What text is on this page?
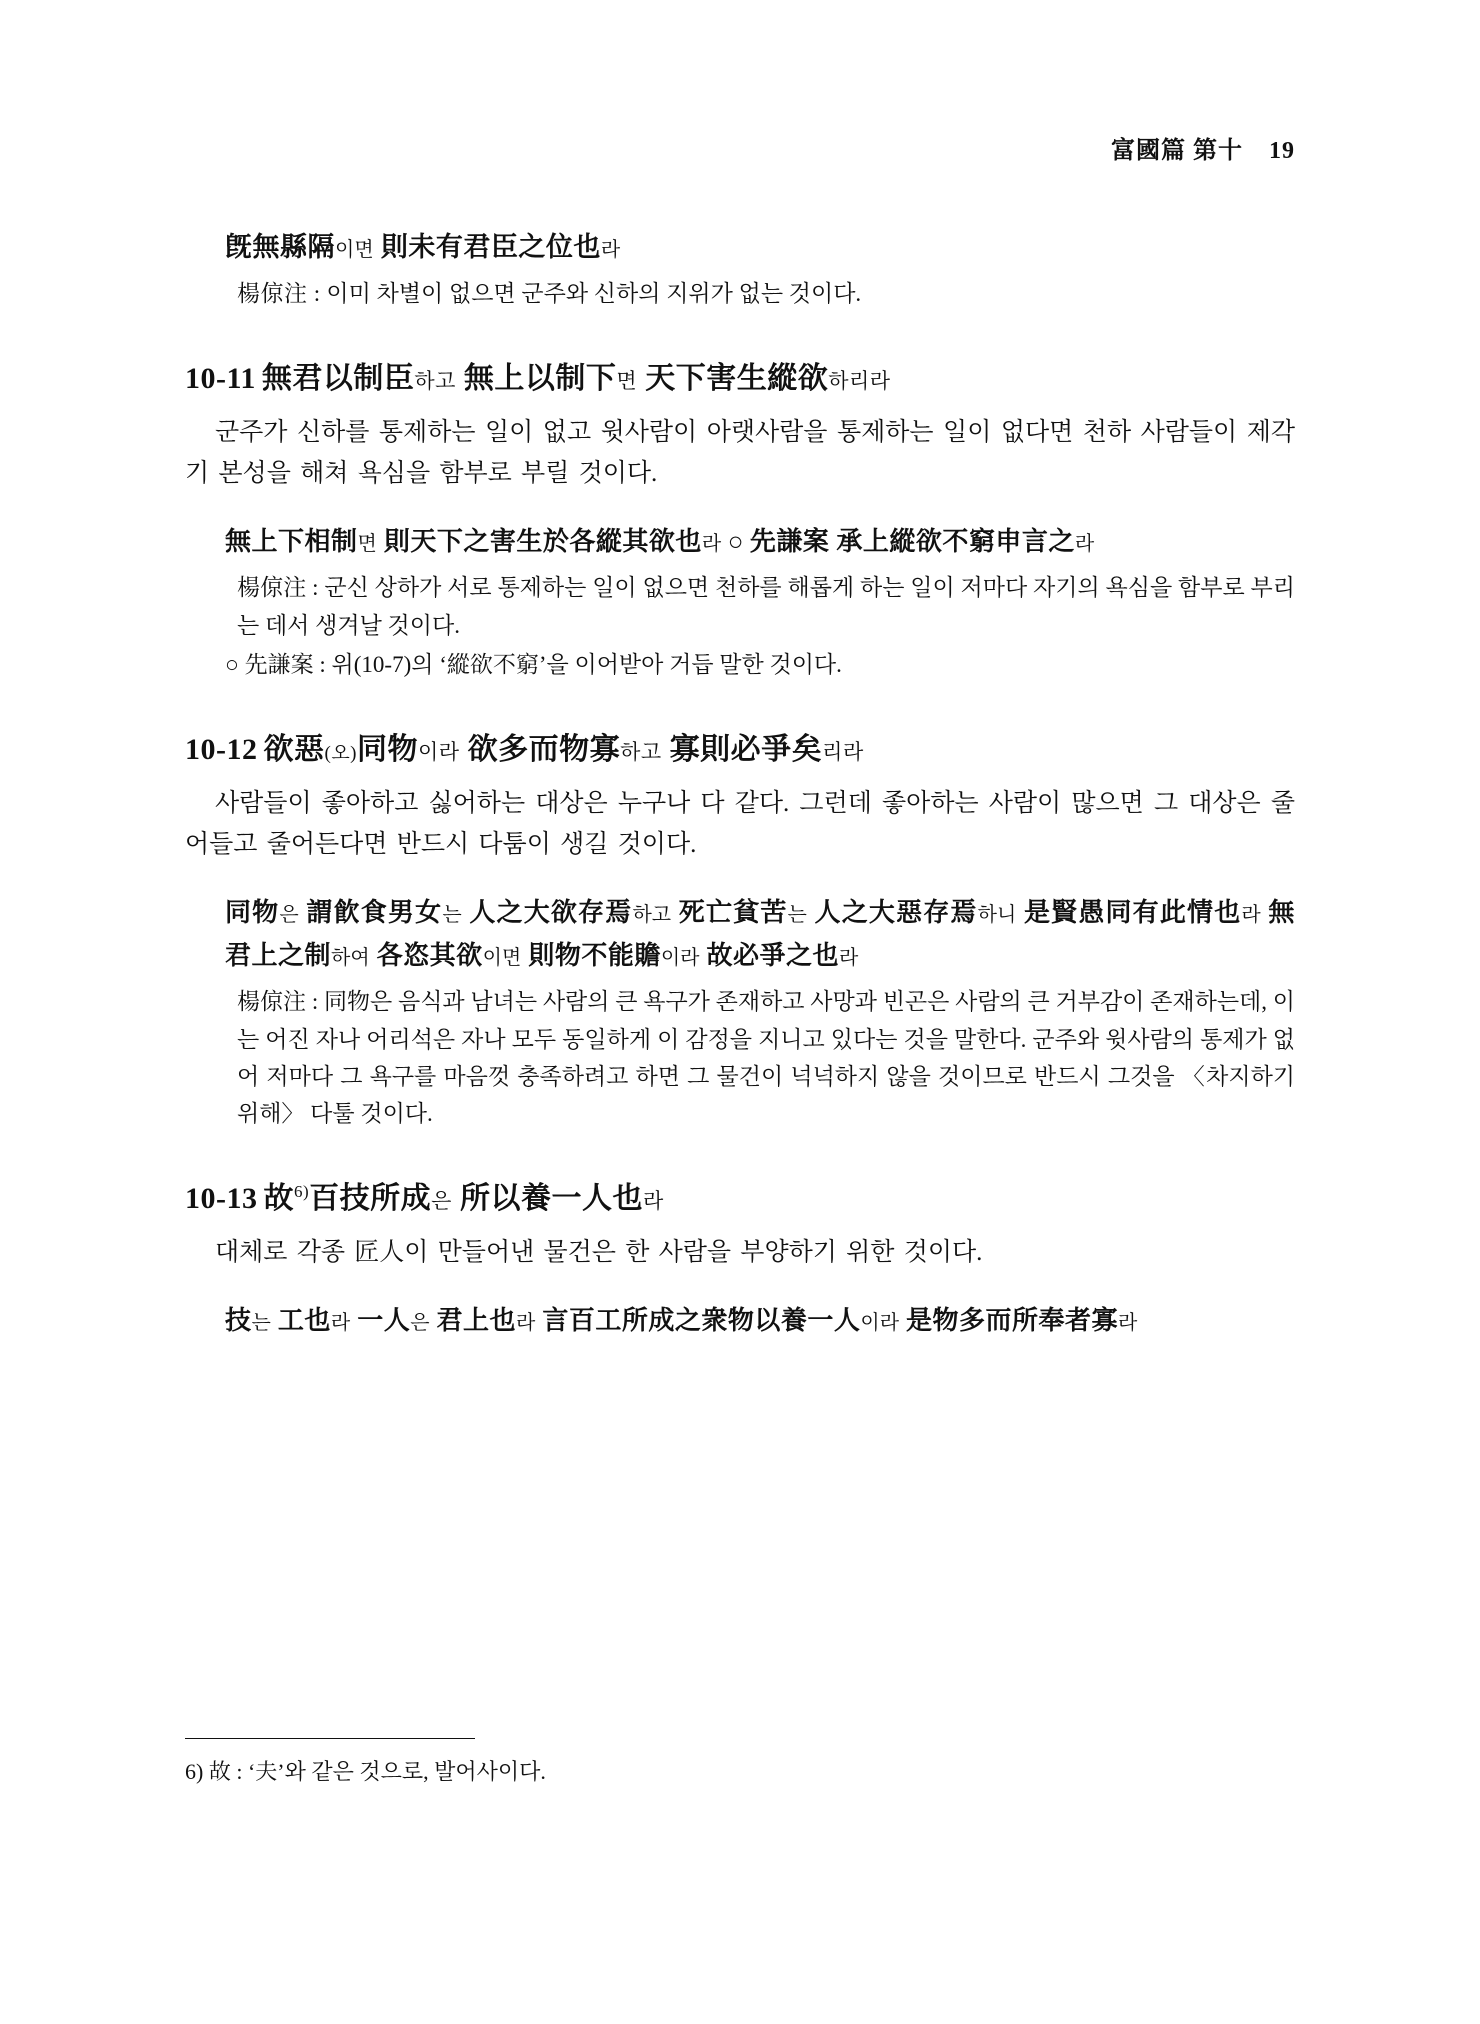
富國篇 第十 19

旣無縣隔이면 則未有君臣之位也라

楊倞注 : 이미 차별이 없으면 군주와 신하의 지위가 없는 것이다.

10-11 無君以制臣하고 無上以制下면 天下害生縱欲하리라

군주가 신하를 통제하는 일이 없고 윗사람이 아랫사람을 통제하는 일이 없다면 천하 사람들이 제각기 본성을 해쳐 욕심을 함부로 부릴 것이다.

無上下相制면 則天下之害生於各縱其欲也라 ○ 先謙案 承上縱欲不窮申言之라

楊倞注 : 군신 상하가 서로 통제하는 일이 없으면 천하를 해롭게 하는 일이 저마다 자기의 욕심을 함부로 부리는 데서 생겨날 것이다.

○ 先謙案 : 위(10-7)의 ‘縱欲不窮’을 이어받아 거듭 말한 것이다.

10-12 欲惡(오)同物이라 欲多而物寡하고 寡則必爭矣리라

사람들이 좋아하고 싫어하는 대상은 누구나 다 같다. 그런데 좋아하는 사람이 많으면 그 대상은 줄어들고 줄어든다면 반드시 다툼이 생길 것이다.

同物은 謂飮食男女는 人之大欲存焉하고 死亡貧苦는 人之大惡存焉하니 是賢愚同有此情也라 無君上之制하여 各恣其欲이면 則物不能贍이라 故必爭之也라

楊倞注 : 同物은 음식과 남녀는 사람의 큰 욕구가 존재하고 사망과 빈곤은 사람의 큰 거부감이 존재하는데, 이는 어진 자나 어리석은 자나 모두 동일하게 이 감정을 지니고 있다는 것을 말한다. 군주와 윗사람의 통제가 없어 저마다 그 욕구를 마음껏 충족하려고 하면 그 물건이 넉넉하지 않을 것이므로 반드시 그것을 〈차지하기 위해〉 다툴 것이다.

10-13 故$^{6)}$百技所成은 所以養一人也라

대체로 각종 匠人이 만들어낸 물건은 한 사람을 부양하기 위한 것이다.

技는 工也라 一人은 君上也라 言百工所成之衆物以養一人이라 是物多而所奉者寡라

6) 故 : ‘夫’와 같은 것으로, 발어사이다.
